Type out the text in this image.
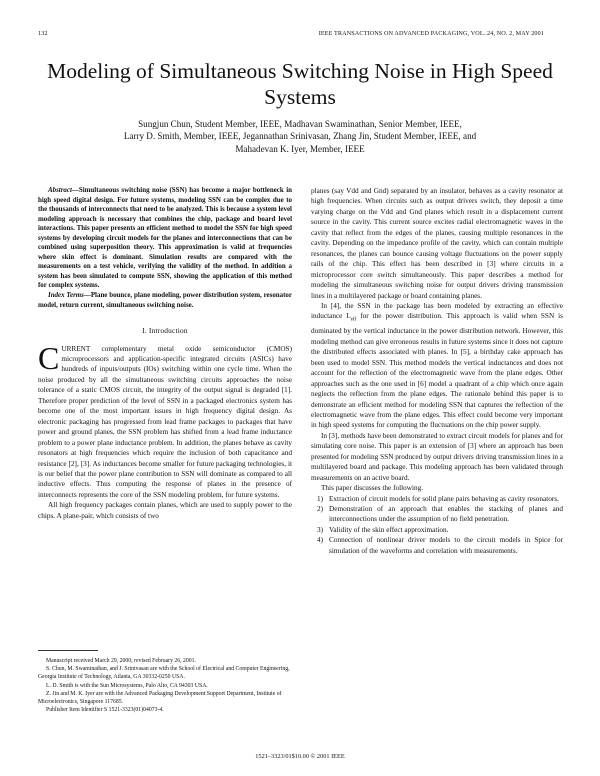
132	IEEE TRANSACTIONS ON ADVANCED PACKAGING, VOL. 24, NO. 2, MAY 2001
Modeling of Simultaneous Switching Noise in High Speed Systems
Sungjun Chun, Student Member, IEEE, Madhavan Swaminathan, Senior Member, IEEE,
Larry D. Smith, Member, IEEE, Jegannathan Srinivasan, Zhang Jin, Student Member, IEEE, and
Mahadevan K. Iyer, Member, IEEE

Abstract—Simultaneous switching noise (SSN) has become a major bottleneck in high speed digital design. For future systems, modeling SSN can be complex due to the thousands of interconnects that need to be analyzed. This is because a system level modeling approach is necessary that combines the chip, package and board level interactions. This paper presents an efficient method to model the SSN for high speed systems by developing circuit models for the planes and interconnections that can be combined using superposition theory. This approximation is valid at frequencies where skin effect is dominant. Simulation results are compared with the measurements on a test vehicle, verifying the validity of the method. In addition a system has been simulated to compute SSN, showing the application of this method for complex systems.

Index Terms—Plane bounce, plane modeling, power distribution system, resonator model, return current, simultaneous switching noise.

I. Introduction

CURRENT complementary metal oxide semiconductor (CMOS) microprocessors and application-specific integrated circuits (ASICs) have hundreds of inputs/outputs (IOs) switching within one cycle time. When the noise produced by all the simultaneous switching circuits approaches the noise tolerance of a static CMOS circuit, the integrity of the output signal is degraded [1]. Therefore proper prediction of the level of SSN in a packaged electronics system has become one of the most important issues in high frequency digital design. As electronic packaging has progressed from lead frame packages to packages that have power and ground planes, the SSN problem has shifted from a lead frame inductance problem to a power plane inductance problem. In addition, the planes behave as cavity resonators at high frequencies which require the inclusion of both capacitance and resistance [2], [3]. As inductances become smaller for future packaging technologies, it is our belief that the power plane contribution to SSN will dominate as compared to all inductive effects. Thus computing the response of planes in the presence of interconnects represents the core of the SSN modeling problem, for future systems.

All high frequency packages contain planes, which are used to supply power to the chips. A plane-pair, which consists of two

Manuscript received March 29, 2000; revised February 26, 2001.

S. Chun, M. Swaminathan, and J. Srinivasan are with the School of Electrical and Computer Engineering, Georgia Institute of Technology, Atlanta, GA 30332-0250 USA.

L. D. Smith is with the Sun Microsystems, Palo Alto, CA 94303 USA.

Z. Jin and M. K. Iyer are with the Advanced Packaging Development Support Department, Institute of Microelectronics, Singapore 117685.

Publisher Item Identifier S 1521-3323(01)04073-4.

planes (say Vdd and Gnd) separated by an insulator, behaves as a cavity resonator at high frequencies. When circuits such as output drivers switch, they deposit a time varying charge on the Vdd and Gnd planes which result in a displacement current source in the cavity. This current source excites radial electromagnetic waves in the cavity that reflect from the edges of the planes, causing multiple resonances in the cavity. Depending on the impedance profile of the cavity, which can contain multiple resonances, the planes can bounce causing voltage fluctuations on the power supply rails of the chip. This effect has been described in [3] where circuits in a microprocessor core switch simultaneously. This paper describes a method for modeling the simultaneous switching noise for output drivers driving transmission lines in a multilayered package or board containing planes.

In [4], the SSN in the package has been modeled by extracting an effective inductance $L_{eff}$ for the power distribution. This approach is valid when SSN is dominated by the vertical inductance in the power distribution network. However, this modeling method can give erroneous results in future systems since it does not capture the distributed effects associated with planes. In [5], a birthday cake approach has been used to model SSN. This method models the vertical inductances and does not account for the reflection of the electromagnetic wave from the plane edges. Other approaches such as the one used in [6] model a quadrant of a chip which once again neglects the reflection from the plane edges. The rationale behind this paper is to demonstrate an efficient method for modeling SSN that captures the reflection of the electromagnetic wave from the plane edges. This effect could become very important in high speed systems for computing the fluctuations on the chip power supply.

In [3], methods have been demonstrated to extract circuit models for planes and for simulating core noise. This paper is an extension of [3] where an approach has been presented for modeling SSN produced by output drivers driving transmission lines in a multilayered board and package. This modeling approach has been validated through measurements on an active board.

This paper discusses the following.

1) Extraction of circuit models for solid plane pairs behaving as cavity resonators.
2) Demonstration of an approach that enables the stacking of planes and interconnections under the assumption of no field penetration.
3) Validity of the skin effect approximation.
4) Connection of nonlinear driver models to the circuit models in Spice for simulation of the waveforms and correlation with measurements.
1521–3323/01$10.00 © 2001 IEEE
